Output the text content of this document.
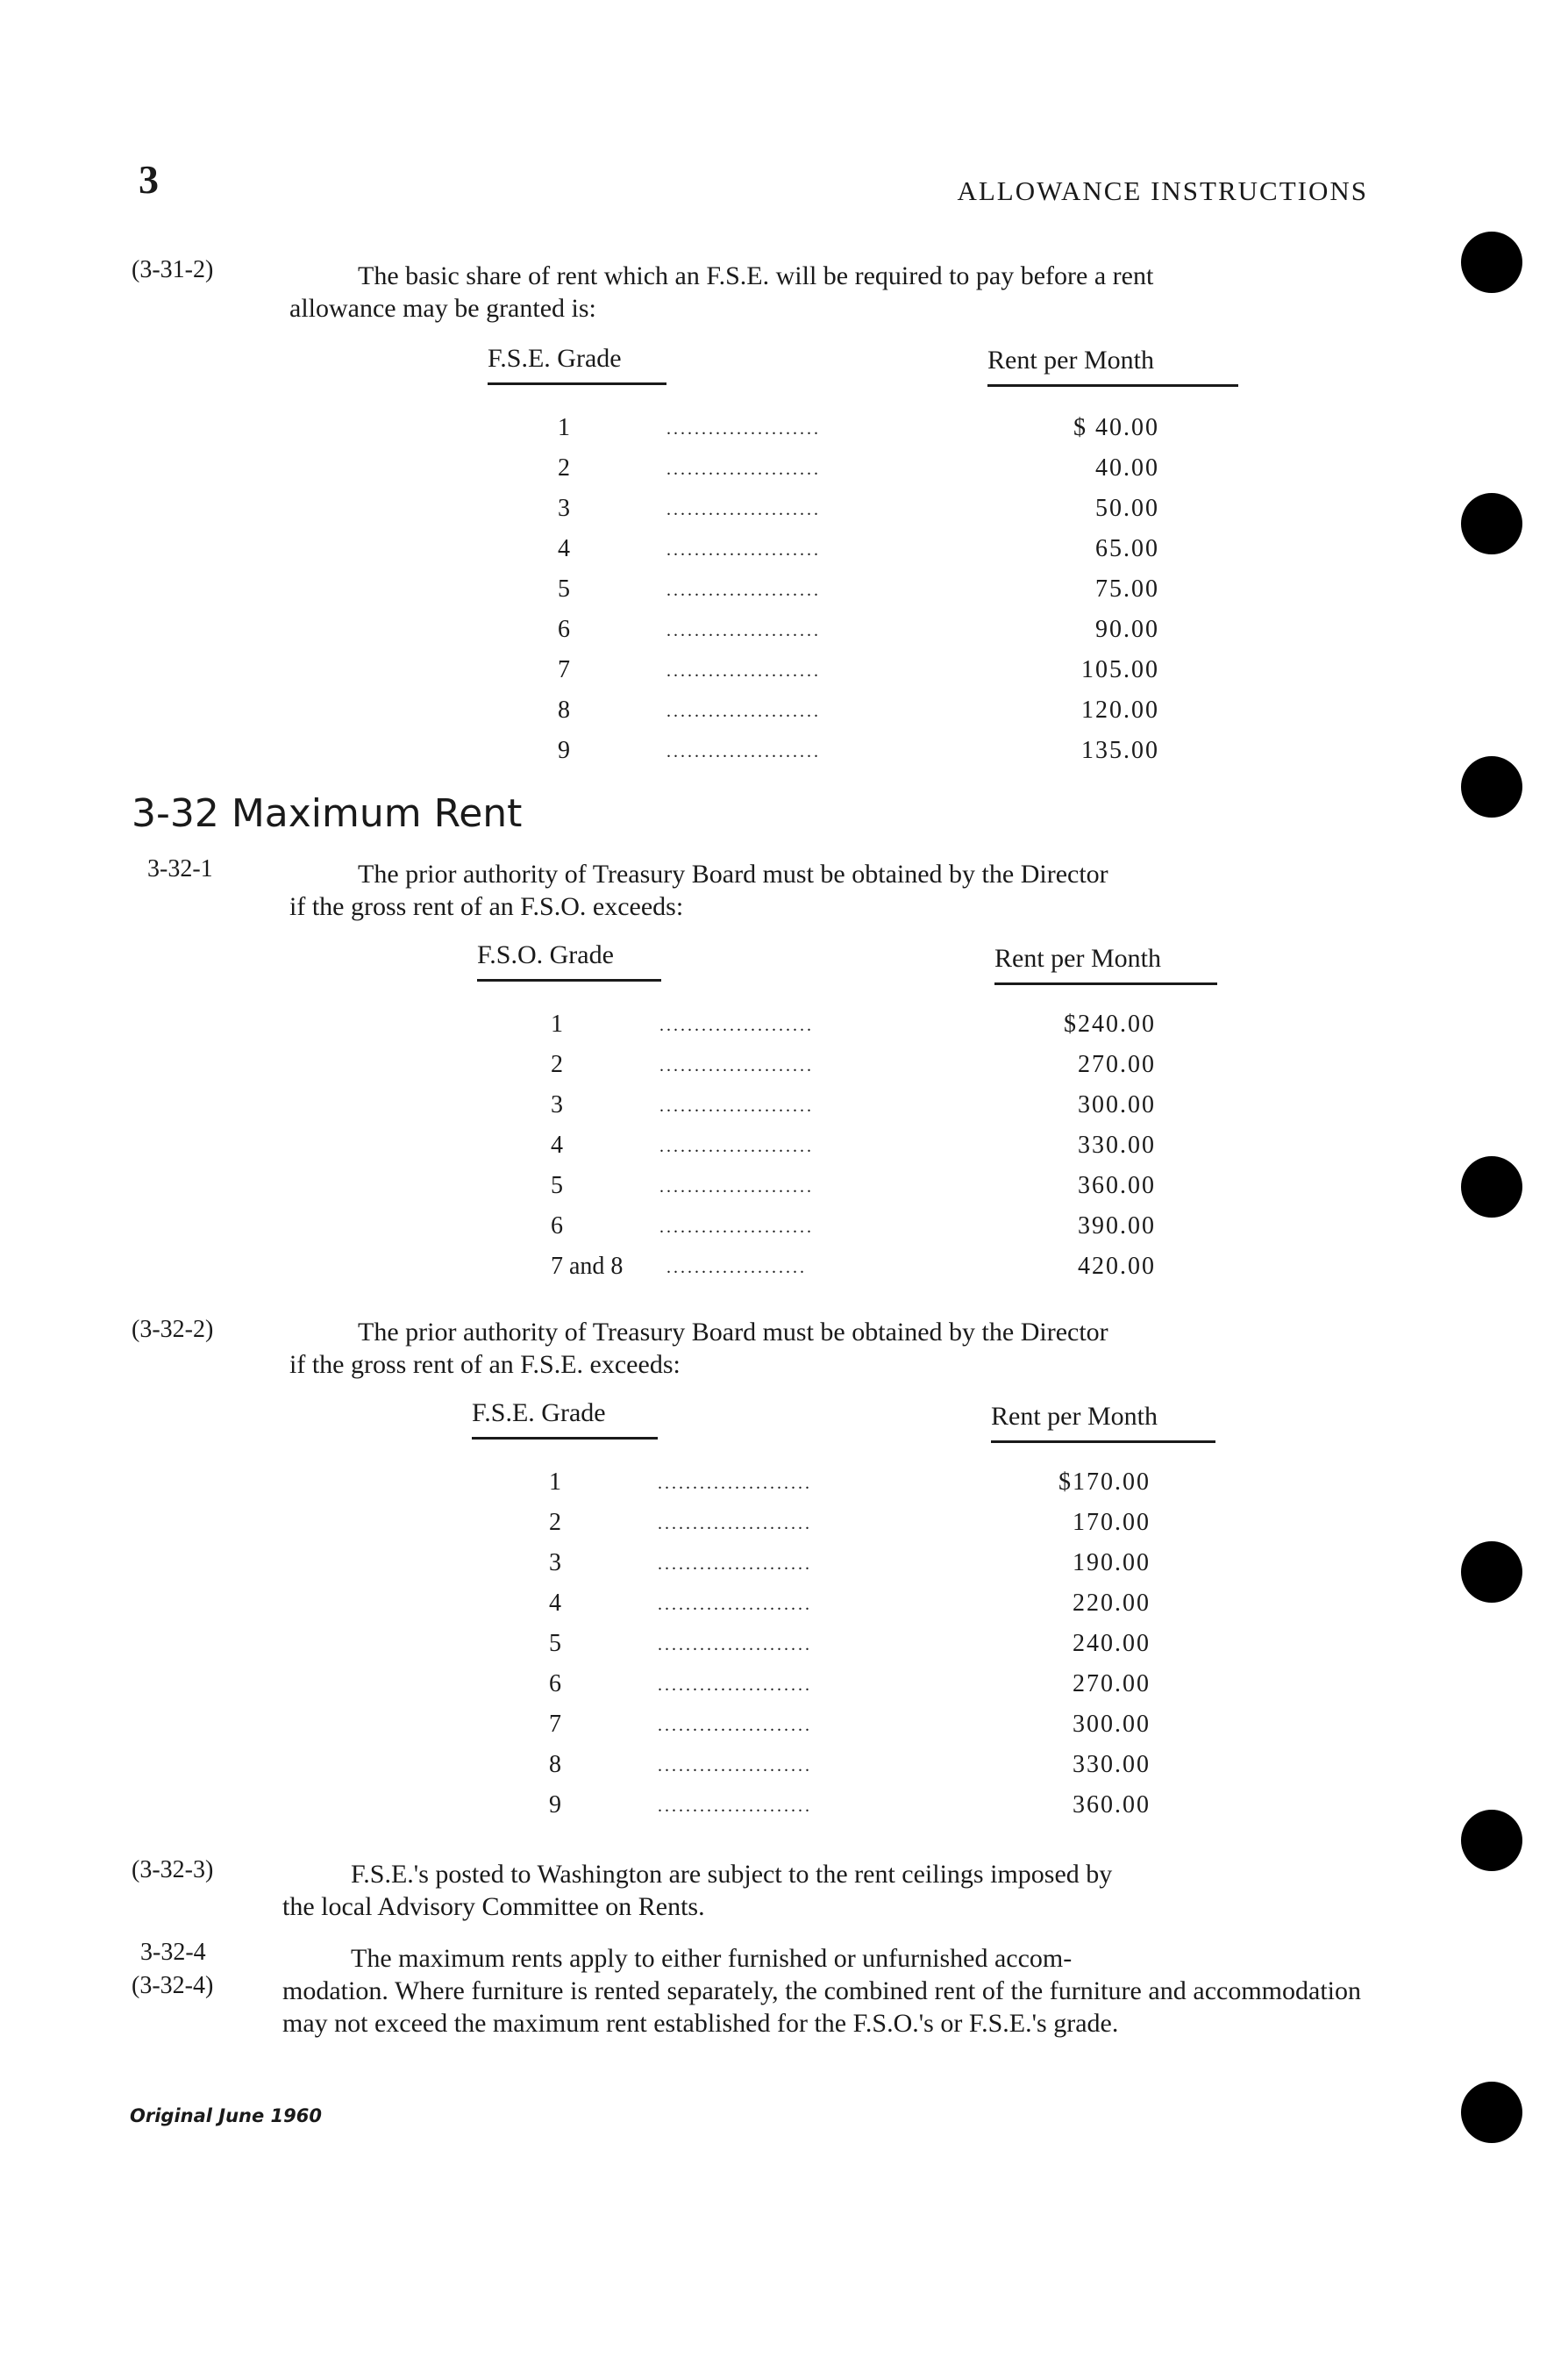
3	ALLOWANCE INSTRUCTIONS
(3-31-2)	The basic share of rent which an F.S.E. will be required to pay before a rent
allowance may be granted is:
F.S.E. Grade	Rent per Month
1	......................	$ 40.00
2	......................	40.00
3	......................	50.00
4	......................	65.00
5	......................	75.00
6	......................	90.00
7	......................	105.00
8	......................	120.00
9	......................	135.00
3-32 Maximum Rent
3-32-1	The prior authority of Treasury Board must be obtained by the Director
if the gross rent of an F.S.O. exceeds:
F.S.O. Grade	Rent per Month
1	......................	$240.00
2	......................	270.00
3	......................	300.00
4	......................	330.00
5	......................	360.00
6	......................	390.00
7 and 8 ....................	420.00
(3-32-2)	The prior authority of Treasury Board must be obtained by the Director
if the gross rent of an F.S.E. exceeds:
F.S.E. Grade	Rent per Month
1	......................	$170.00
2	......................	170.00
3	......................	190.00
4	......................	220.00
5	......................	240.00
6	......................	270.00
7	......................	300.00
8	......................	330.00
9	......................	360.00
(3-32-3)	F.S.E.'s posted to Washington are subject to the rent ceilings imposed by
the local Advisory Committee on Rents.
3-32-4
(3-32-4)
The maximum rents apply to either furnished or unfurnished accom-
modation. Where furniture is rented separately, the combined rent of the furniture and accommodation may not exceed the maximum rent established for the F.S.O.'s or F.S.E.'s grade.
Original June 1960
